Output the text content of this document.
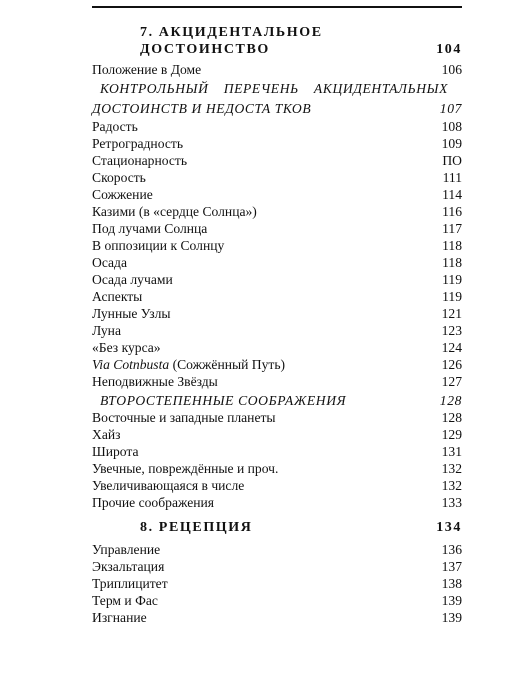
7. АКЦИДЕНТАЛЬНОЕ
ДОСТОИНСТВО	104
Положение в Доме	106
КОНТРОЛЬНЫЙ ПЕРЕЧЕНЬ АКЦИДЕНТАЛЬНЫХ
ДОСТОИНСТВ И НЕДОСТА ТКОВ	107
Радость	108
Ретроградность	109
Стационарность	ПО
Скорость	111
Сожжение	114
Казими (в «сердце Солнца»)	116
Под лучами Солнца	117
В оппозиции к Солнцу	118
Осада	118
Осада лучами	119
Аспекты	119
Лунные Узлы	121
Луна	123
«Без курса»	124
Via Cotnbusta (Сожжённый Путь)	126
Неподвижные Звёзды	127
ВТОРОСТЕПЕННЫЕ СООБРАЖЕНИЯ	128
Восточные и западные планеты	128
Хайз	129
Широта	131
Увечные, повреждённые и проч.	132
Увеличивающаяся в числе	132
Прочие соображения	133
8. РЕЦЕПЦИЯ	134
Управление	136
Экзальтация	137
Триплицитет	138
Терм и Фас	139
Изгнание	139
